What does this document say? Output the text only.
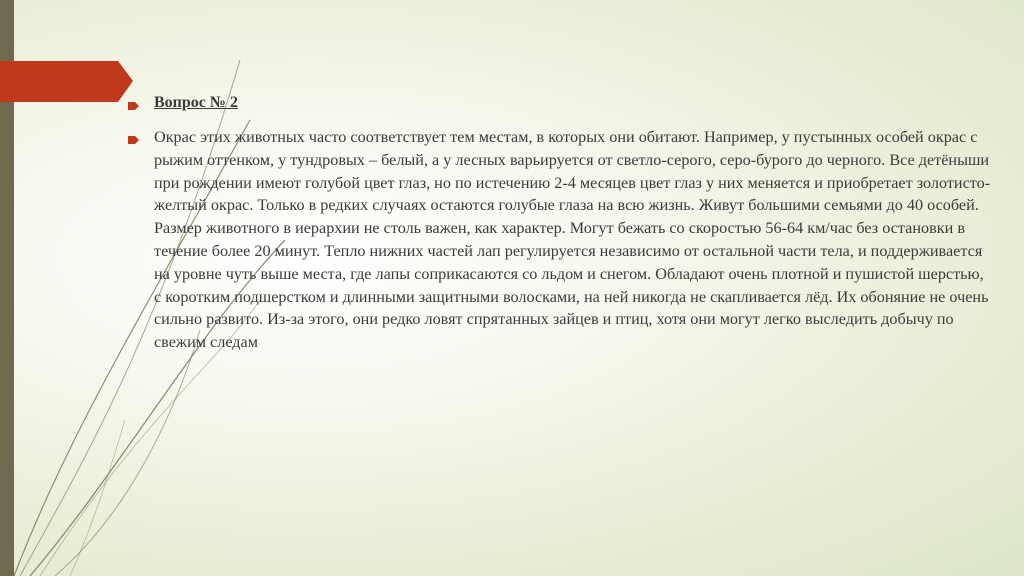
Вопрос № 2
Окрас этих животных часто соответствует тем местам, в которых они обитают. Например, у пустынных особей окрас с рыжим оттенком, у тундровых – белый, а у лесных варьируется от светло-серого, серо-бурого до черного. Все детёныши при рождении имеют голубой цвет глаз, но по истечению 2-4 месяцев цвет глаз у них меняется и приобретает золотисто-желтый окрас. Только в редких случаях остаются голубые глаза на всю жизнь. Живут большими семьями до 40 особей. Размер животного в иерархии не столь важен, как характер. Могут бежать со скоростью 56-64 км/час без остановки в течение более 20 минут. Тепло нижних частей лап регулируется независимо от остальной части тела, и поддерживается на уровне чуть выше места, где лапы соприкасаются со льдом и снегом. Обладают очень плотной и пушистой шерстью, с коротким подшерстком и длинными защитными волосками, на ней никогда не скапливается лёд. Их обоняние не очень сильно развито. Из-за этого, они редко ловят спрятанных зайцев и птиц, хотя они могут легко выследить добычу по свежим следам
